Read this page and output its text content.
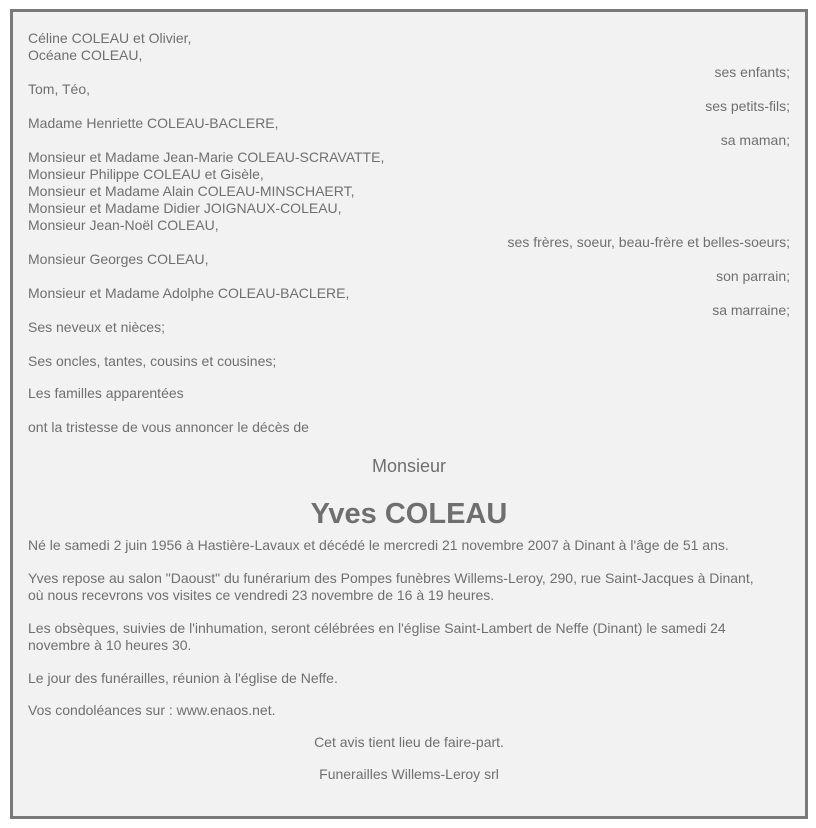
Céline COLEAU et Olivier,
Océane COLEAU,
ses enfants;
Tom, Téo,
ses petits-fils;
Madame Henriette COLEAU-BACLERE,
sa maman;
Monsieur et Madame Jean-Marie COLEAU-SCRAVATTE,
Monsieur Philippe COLEAU et Gisèle,
Monsieur et Madame Alain COLEAU-MINSCHAERT,
Monsieur et Madame Didier JOIGNAUX-COLEAU,
Monsieur Jean-Noël COLEAU,
ses frères, soeur, beau-frère et belles-soeurs;
Monsieur Georges COLEAU,
son parrain;
Monsieur et Madame Adolphe COLEAU-BACLERE,
sa marraine;
Ses neveux et nièces;
Ses oncles, tantes, cousins et cousines;
Les familles apparentées
ont la tristesse de vous annoncer le décès de
Monsieur
Yves COLEAU
Né le samedi 2 juin 1956 à Hastière-Lavaux et décédé le mercredi 21 novembre 2007 à Dinant à l'âge de 51 ans.
Yves repose au salon "Daoust" du funérarium des Pompes funèbres Willems-Leroy, 290, rue Saint-Jacques à Dinant,
où nous recevrons vos visites ce vendredi 23 novembre de 16 à 19 heures.
Les obsèques, suivies de l'inhumation, seront célébrées en l'église Saint-Lambert de Neffe (Dinant) le samedi 24
novembre à 10 heures 30.
Le jour des funérailles, réunion à l'église de Neffe.
Vos condoléances sur : www.enaos.net.
Cet avis tient lieu de faire-part.
Funerailles Willems-Leroy srl
